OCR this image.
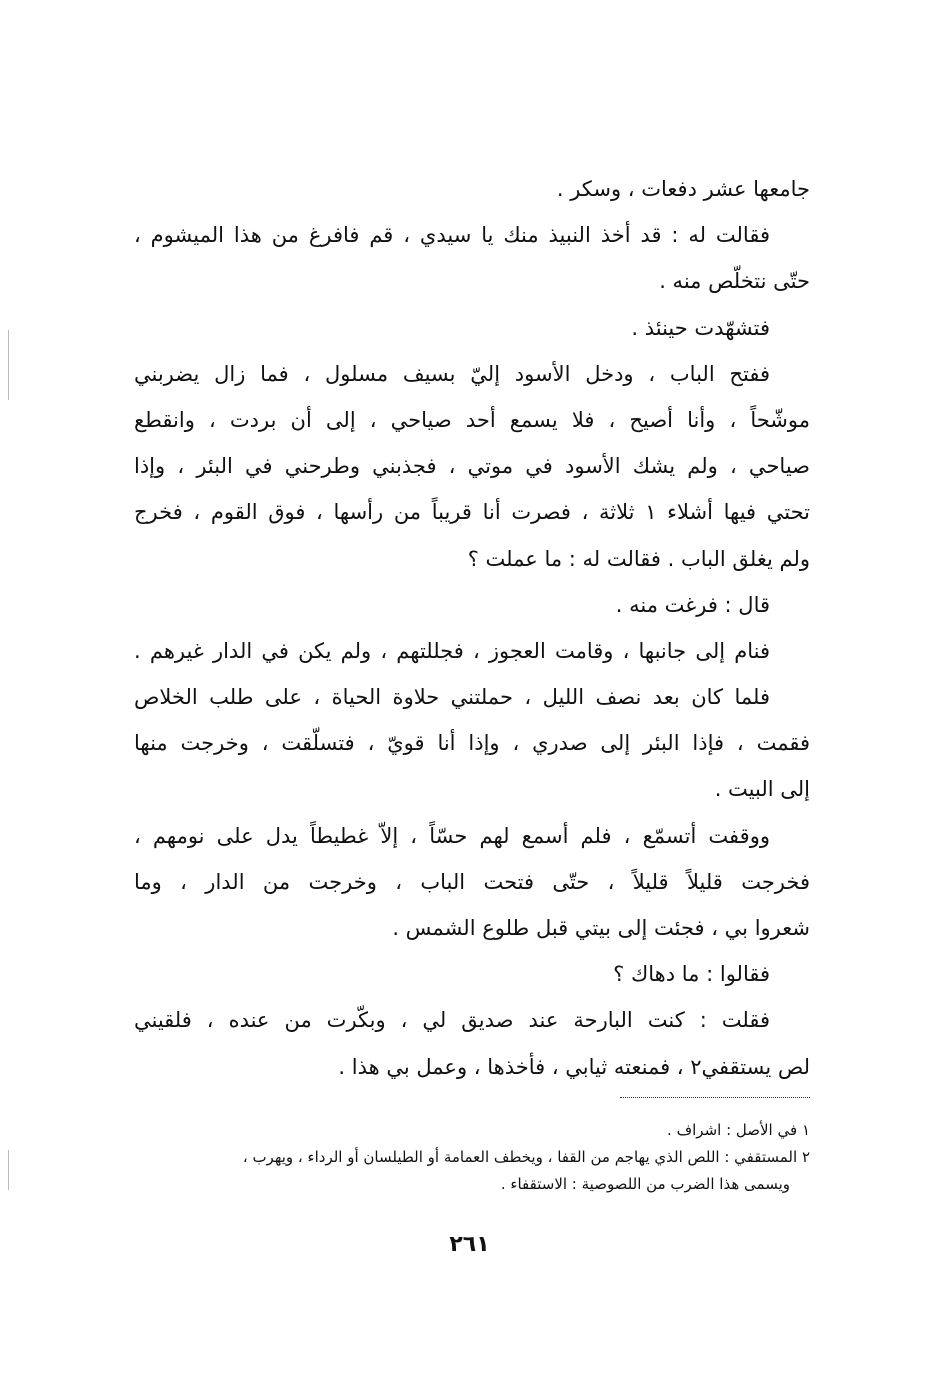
جامعها عشر دفعات ، وسكر .
فقالت له : قد أخذ النبيذ منك يا سيدي ، قم فافرغ من هذا الميشوم ،
حتّى نتخلّص منه .
فتشهّدت حينئذ .
ففتح الباب ، ودخل الأسود إليّ بسيف مسلول ، فما زال يضربني
موشّحاً ، وأنا أصيح ، فلا يسمع أحد صياحي ، إلى أن بردت ، وانقطع
صياحي ، ولم يشك الأسود في موتي ، فجذبني وطرحني في البئر ، وإذا
تحتي فيها أشلاء ١ ثلاثة ، فصرت أنا قريباً من رأسها ، فوق القوم ، فخرج
ولم يغلق الباب . فقالت له : ما عملت ؟
قال : فرغت منه .
فنام إلى جانبها ، وقامت العجوز ، فجللتهم ، ولم يكن في الدار غيرهم .
فلما كان بعد نصف الليل ، حملتني حلاوة الحياة ، على طلب الخلاص
فقمت ، فإذا البئر إلى صدري ، وإذا أنا قويّ ، فتسلّقت ، وخرجت منها
إلى البيت .
ووقفت أتسمّع ، فلم أسمع لهم حسّاً ، إلاّ غطيطاً يدل على نومهم ،
فخرجت قليلاً قليلاً ، حتّى فتحت الباب ، وخرجت من الدار ، وما
شعروا بي ، فجئت إلى بيتي قبل طلوع الشمس .
فقالوا : ما دهاك ؟
فقلت : كنت البارحة عند صديق لي ، وبكّرت من عنده ، فلقيني
لص يستقفي٢ ، فمنعته ثيابي ، فأخذها ، وعمل بي هذا .
١ في الأصل : اشراف .
٢ المستقفي : اللص الذي يهاجم من القفا ، ويخطف العمامة أو الطيلسان أو الرداء ، ويهرب ،
ويسمى هذا الضرب من اللصوصية : الاستقفاء .
٢٦١
